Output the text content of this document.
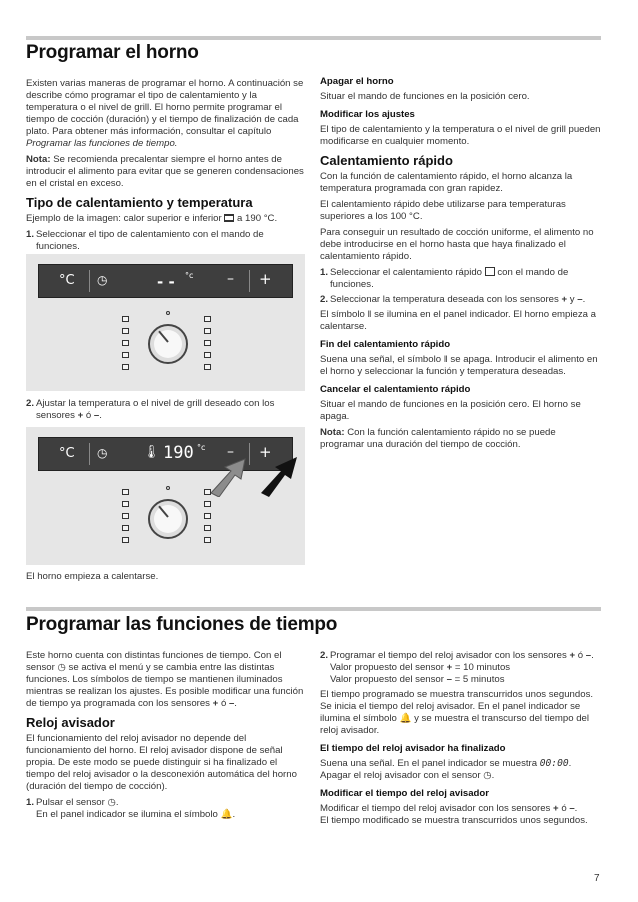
Programar el horno

Existen varias maneras de programar el horno. A continuación se describe cómo programar el tipo de calentamiento y la temperatura o el nivel de grill. El horno permite programar el tiempo de cocción (duración) y el tiempo de finalización de cada plato. Para obtener más información, consultar el capítulo Programar las funciones de tiempo.

Nota: Se recomienda precalentar siempre el horno antes de introducir el alimento para evitar que se generen condensaciones en el cristal en exceso.

Tipo de calentamiento y temperatura

Ejemplo de la imagen: calor superior e inferior a 190 °C.

1. Seleccionar el tipo de calentamiento con el mando de funciones.
°C ◷	- - °c – +
2. Ajustar la temperatura o el nivel de grill deseado con los sensores + ó –.
°C ◷	🌡 190 °c – +

El horno empieza a calentarse.

Apagar el horno

Situar el mando de funciones en la posición cero.

Modificar los ajustes

El tipo de calentamiento y la temperatura o el nivel de grill pueden modificarse en cualquier momento.

Calentamiento rápido

Con la función de calentamiento rápido, el horno alcanza la temperatura programada con gran rapidez.

El calentamiento rápido debe utilizarse para temperaturas superiores a los 100 °C.

Para conseguir un resultado de cocción uniforme, el alimento no debe introducirse en el horno hasta que haya finalizado el calentamiento rápido.

1. Seleccionar el calentamiento rápido con el mando de funciones.
2. Seleccionar la temperatura deseada con los sensores + y –.

El símbolo ǁ se ilumina en el panel indicador. El horno empieza a calentarse.

Fin del calentamiento rápido

Suena una señal, el símbolo ǁ se apaga. Introducir el alimento en el horno y seleccionar la función y temperatura deseadas.

Cancelar el calentamiento rápido

Situar el mando de funciones en la posición cero. El horno se apaga.

Nota: Con la función calentamiento rápido no se puede programar una duración del tiempo de cocción.

Programar las funciones de tiempo

Este horno cuenta con distintas funciones de tiempo. Con el sensor ◷ se activa el menú y se cambia entre las distintas funciones. Los símbolos de tiempo se mantienen iluminados mientras se realizan los ajustes. Es posible modificar una función de tiempo ya programada con los sensores + ó –.

Reloj avisador

El funcionamiento del reloj avisador no depende del funcionamiento del horno. El reloj avisador dispone de señal propia. De este modo se puede distinguir si ha finalizado el tiempo del reloj avisador o la desconexión automática del horno (duración del tiempo de cocción).

1. Pulsar el sensor ◷.
En el panel indicador se ilumina el símbolo 🔔.
2. Programar el tiempo del reloj avisador con los sensores + ó –.
Valor propuesto del sensor + = 10 minutos
Valor propuesto del sensor – = 5 minutos

El tiempo programado se muestra transcurridos unos segundos. Se inicia el tiempo del reloj avisador. En el panel indicador se ilumina el símbolo 🔔 y se muestra el transcurso del tiempo del reloj avisador.

El tiempo del reloj avisador ha finalizado

Suena una señal. En el panel indicador se muestra 00:00.
Apagar el reloj avisador con el sensor ◷.

Modificar el tiempo del reloj avisador

Modificar el tiempo del reloj avisador con los sensores + ó –.
El tiempo modificado se muestra transcurridos unos segundos.

7
